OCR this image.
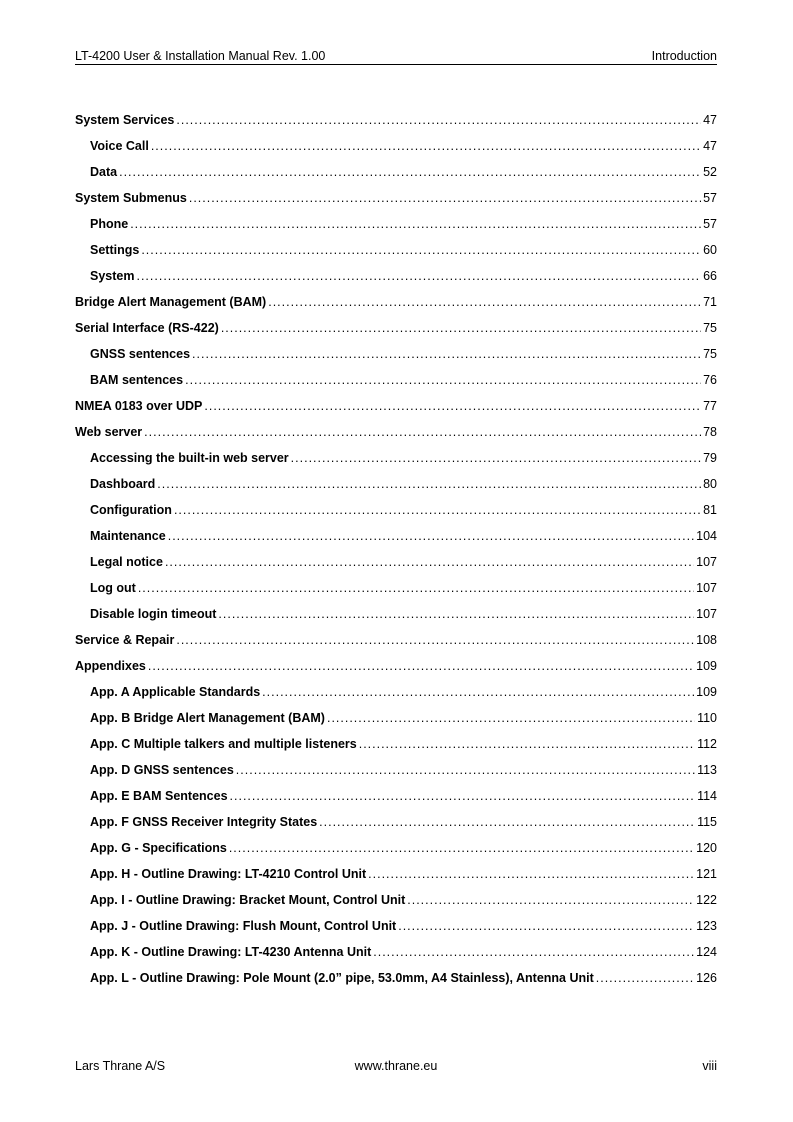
LT-4200 User & Installation Manual Rev. 1.00	Introduction
System Services .....	47
Voice Call .....	47
Data .....	52
System Submenus .....	57
Phone .....	57
Settings .....	60
System .....	66
Bridge Alert Management (BAM) .....	71
Serial Interface (RS-422) .....	75
GNSS sentences .....	75
BAM sentences .....	76
NMEA 0183 over UDP .....	77
Web server .....	78
Accessing the built-in web server .....	79
Dashboard .....	80
Configuration .....	81
Maintenance .....	104
Legal notice .....	107
Log out .....	107
Disable login timeout .....	107
Service & Repair .....	108
Appendixes .....	109
App. A Applicable Standards .....	109
App. B Bridge Alert Management (BAM) .....	110
App. C Multiple talkers and multiple listeners .....	112
App. D GNSS sentences .....	113
App. E BAM Sentences .....	114
App. F GNSS Receiver Integrity States .....	115
App. G - Specifications .....	120
App. H - Outline Drawing: LT-4210 Control Unit .....	121
App. I - Outline Drawing: Bracket Mount, Control Unit .....	122
App. J - Outline Drawing: Flush Mount, Control Unit .....	123
App. K - Outline Drawing: LT-4230 Antenna Unit .....	124
App. L - Outline Drawing: Pole Mount (2.0” pipe, 53.0mm, A4 Stainless), Antenna Unit .....	126
Lars Thrane A/S	www.thrane.eu	viii
